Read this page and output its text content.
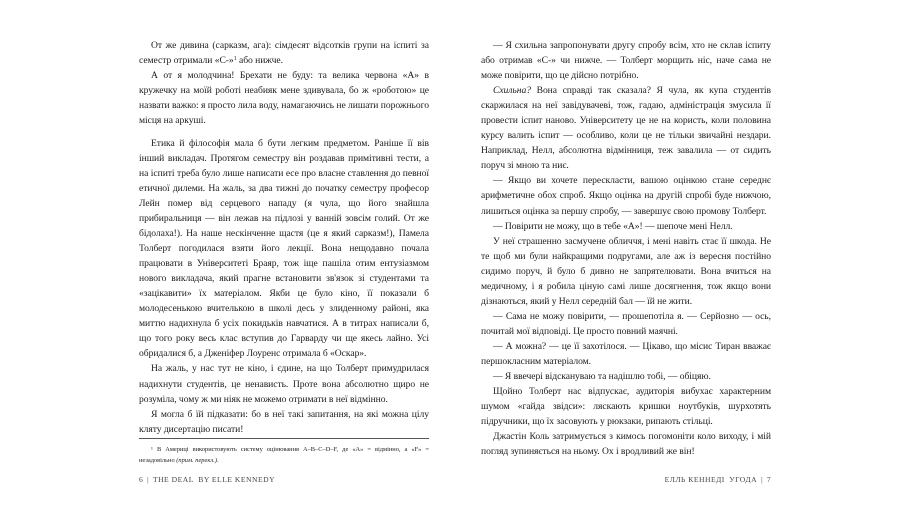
От же дивина (сарказм, ага): сімдесят відсотків групи на іспиті за семестр отримали «С-»$^1$ або нижче.

А от я молодчина! Брехати не буду: та велика червона «А» в кружечку на моїй роботі неабияк мене здивувала, бо ж «роботою» це назвати важко: я просто лила воду, намагаючись не лишати порожнього місця на аркуші.

Етика й філософія мала б бути легким предметом. Раніше її вів інший викладач. Протягом семестру він роздавав примітивні тести, а на іспиті треба було лише написати есе про власне ставлення до певної етичної дилеми. На жаль, за два тижні до початку семестру професор Лейн помер від серцевого нападу (я чула, що його знайшла прибиральниця — він лежав на підлозі у ванній зовсім голий. От же бідолаха!). На наше нескінченне щастя (це я який сарказм!), Памела Толберт погодилася взяти його лекції. Вона нещодавно почала працювати в Університеті Браяр, тож іще пашіла отим ентузіазмом нового викладача, який прагне встановити зв'язок зі студентами та «зацікавити» їх матеріалом. Якби це було кіно, її показали б молодесенькою вчителькою в школі десь у злиденному районі, яка миттю надихнула б усіх покидьків навчатися. А в титрах написали б, що того року весь клас вступив до Гарварду чи ще якесь лайно. Усі обридалися б, а Дженіфер Лоуренс отримала б «Оскар».

На жаль, у нас тут не кіно, і єдине, на що Толберт примудрилася надихнути студентів, це ненависть. Проте вона абсолютно щиро не розуміла, чому ж ми ніяк не можемо отримати в неї відмінно.

Я могла б їй підказати: бо в неї такі запитання, на які можна цілу кляту дисертацію писати!

¹ В Америці використовують систему оцінювання A–B–C–D–F, де «А» = відмінно, а «F» = незадовільно (прим. перекл.).

6 | THE DEAL BY ELLE KENNEDY

— Я схильна запропонувати другу спробу всім, хто не склав іспиту або отримав «С-» чи нижче. — Толберт морщить ніс, наче сама не може повірити, що це дійсно потрібно.

Схильна? Вона справді так сказала? Я чула, як купа студентів скаржилася на неї завідувачеві, тож, гадаю, адміністрація змусила її провести іспит наново. Університету це не на користь, коли половина курсу валить іспит — особливо, коли це не тільки звичайні нездари. Наприклад, Нелл, абсолютна відмінниця, теж завалила — от сидить поруч зі мною та ниє.

— Якщо ви хочете перескласти, вашою оцінкою стане середнє арифметичне обох спроб. Якщо оцінка на другій спробі буде нижчою, лишиться оцінка за першу спробу, — завершує свою промову Толберт.

— Повірити не можу, що в тебе «А»! — шепоче мені Нелл.

У неї страшенно засмучене обличчя, і мені навіть стає її шкода. Не те щоб ми були найкращими подругами, але аж із вересня постійно сидимо поруч, й було б дивно не запрятелювати. Вона вчиться на медичному, і я робила ціную самі лише досягнення, тож якщо вони дізнаються, який у Нелл середній бал — їй не жити.

— Сама не можу повірити, — прошепотіла я. — Серйозно — ось, почитай мої відповіді. Це просто повний маячні.

— А можна? — це її захотілося. — Цікаво, що місис Тиран вважає першокласним матеріалом.

— Я ввечері відскануваю та надішлю тобі, — обіцяю.

Щойно Толберт нас відпускає, аудиторія вибухає характерним шумом «гайда звідси»: ляскають кришки ноутбуків, шурхотять підручники, що їх засовують у рюкзаки, рипають стільці.

Джастін Коль затримується з кимось погомоніти коло виходу, і мій погляд зупиняється на ньому. Ох і вродливий же він!

ЕЛЛЬ КЕННЕДІ УГОДА | 7
